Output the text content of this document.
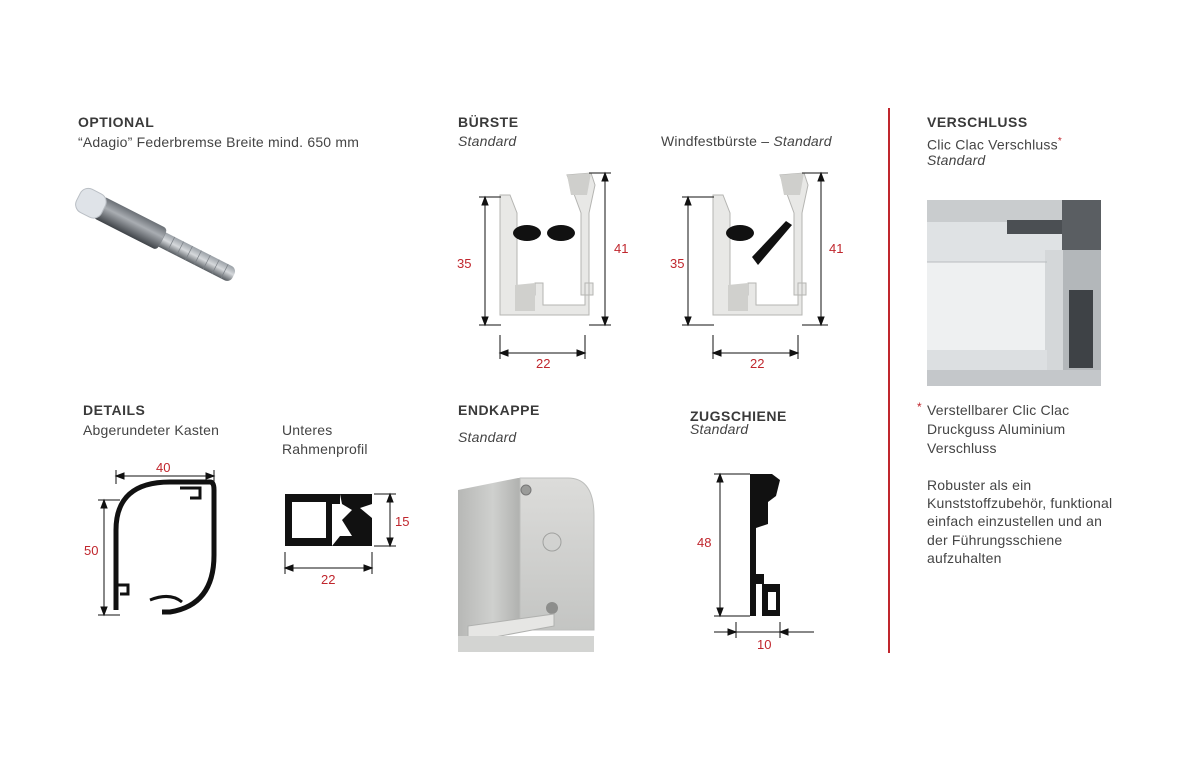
OPTIONAL
“Adagio” Federbremse Breite mind. 650 mm
BÜRSTE
Standard
35
41
22
Windfestbürste – Standard
35
41
22
VERSCHLUSS
Clic Clac Verschluss*
Standard
* Verstellbarer Clic Clac
Druckguss Aluminium
Verschluss
Robuster als ein
Kunststoffzubehör, funktional
einfach einzustellen und an
der Führungsschiene
aufzuhalten
DETAILS
Abgerundeter Kasten
40
50
Unteres
Rahmenprofil
15
22
ENDKAPPE
Standard
ZUGSCHIENE
Standard
48
10
